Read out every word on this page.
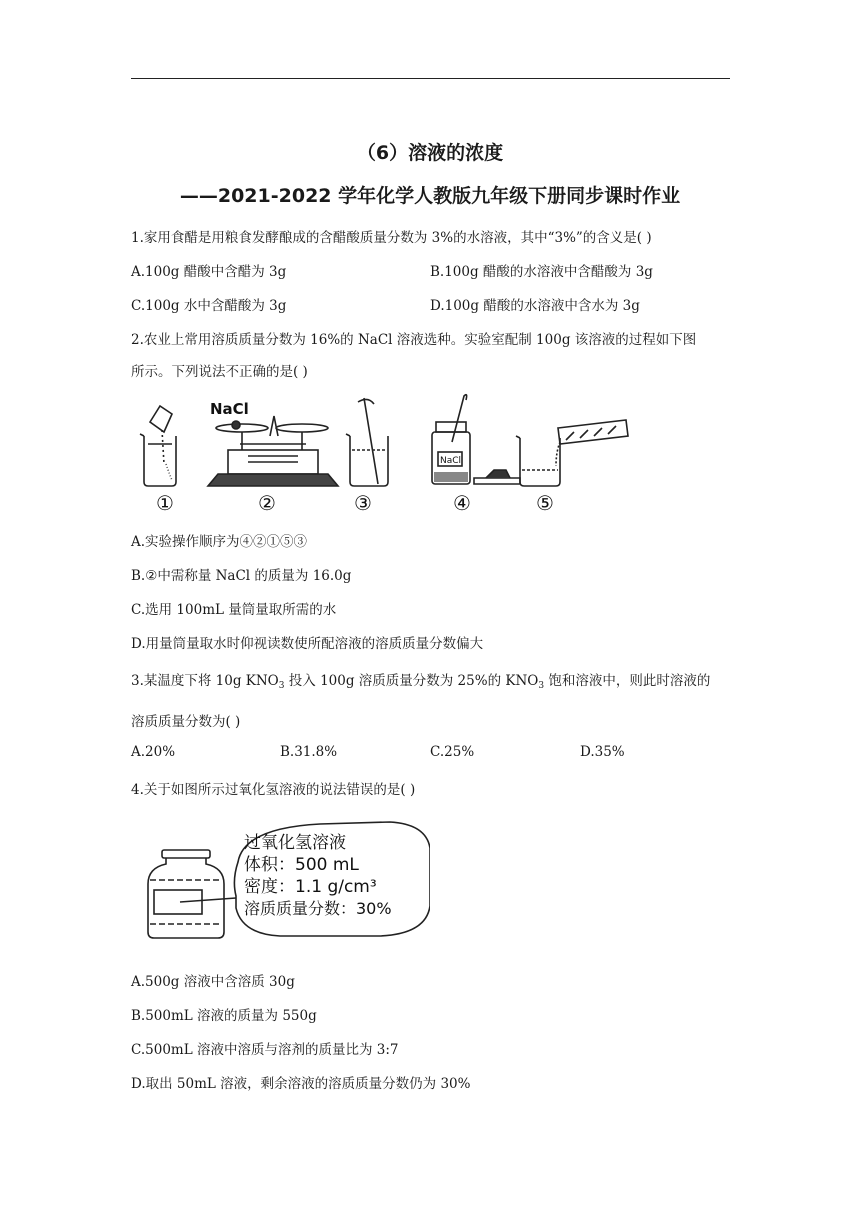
（6）溶液的浓度
——2021-2022 学年化学人教版九年级下册同步课时作业
1.家用食醋是用粮食发酵酿成的含醋酸质量分数为 3%的水溶液，其中“3%”的含义是( )
A.100g 醋酸中含醋为 3g	B.100g 醋酸的水溶液中含醋酸为 3g
C.100g 水中含醋酸为 3g	D.100g 醋酸的水溶液中含水为 3g
2.农业上常用溶质质量分数为 16%的 NaCl 溶液选种。实验室配制 100g 该溶液的过程如下图
所示。下列说法不正确的是( )
NaCl
NaCl
①	②	③	④	⑤
A.实验操作顺序为④②①⑤③
B.②中需称量 NaCl 的质量为 16.0g
C.选用 100mL 量筒量取所需的水
D.用量筒量取水时仰视读数使所配溶液的溶质质量分数偏大
3.某温度下将 10g $KNO_3$ 投入 100g 溶质质量分数为 25%的 $KNO_3$ 饱和溶液中，则此时溶液的
溶质质量分数为( )
A.20%	B.31.8%	C.25%	D.35%
4.关于如图所示过氧化氢溶液的说法错误的是( )
过氧化氢溶液
体积：500 mL
密度：1.1 g/cm³
溶质质量分数：30%
A.500g 溶液中含溶质 30g
B.500mL 溶液的质量为 550g
C.500mL 溶液中溶质与溶剂的质量比为 3:7
D.取出 50mL 溶液，剩余溶液的溶质质量分数仍为 30%
